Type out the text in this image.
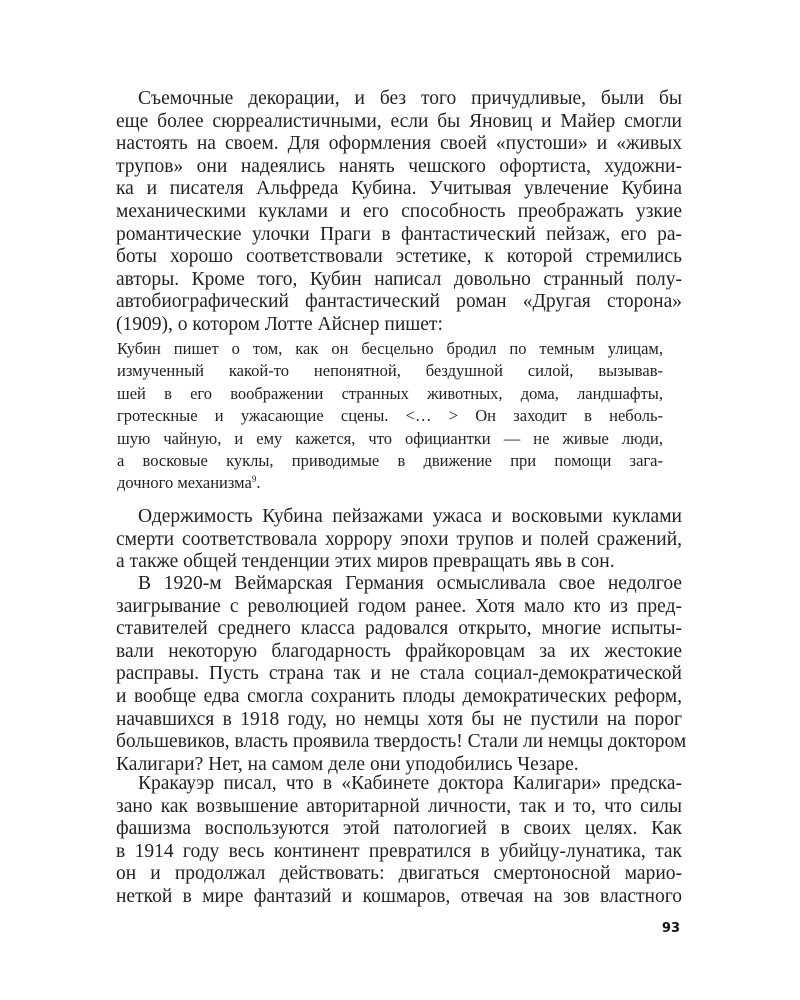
Съемочные декорации, и без того причудливые, были бы
еще более сюрреалистичными, если бы Яновиц и Майер смогли
настоять на своем. Для оформления своей «пустоши» и «живых
трупов» они надеялись нанять чешского офортиста, художни-
ка и писателя Альфреда Кубина. Учитывая увлечение Кубина
механическими куклами и его способность преображать узкие
романтические улочки Праги в фантастический пейзаж, его ра-
боты хорошо соответствовали эстетике, к которой стремились
авторы. Кроме того, Кубин написал довольно странный полу-
автобиографический фантастический роман «Другая сторона»
(1909), о котором Лотте Айснер пишет:
Кубин пишет о том, как он бесцельно бродил по темным улицам,
измученный какой-то непонятной, бездушной силой, вызывав-
шей в его воображении странных животных, дома, ландшафты,
гротескные и ужасающие сцены. <… > Он заходит в неболь-
шую чайную, и ему кажется, что официантки — не живые люди,
а восковые куклы, приводимые в движение при помощи зага-
дочного механизма$^9$.
Одержимость Кубина пейзажами ужаса и восковыми куклами
смерти соответствовала хоррору эпохи трупов и полей сражений,
а также общей тенденции этих миров превращать явь в сон.
В 1920-м Веймарская Германия осмысливала свое недолгое
заигрывание с революцией годом ранее. Хотя мало кто из пред-
ставителей среднего класса радовался открыто, многие испыты-
вали некоторую благодарность фрайкоровцам за их жестокие
расправы. Пусть страна так и не стала социал-демократической
и вообще едва смогла сохранить плоды демократических реформ,
начавшихся в 1918 году, но немцы хотя бы не пустили на порог
большевиков, власть проявила твердость! Стали ли немцы доктором
Калигари? Нет, на самом деле они уподобились Чезаре.
Кракауэр писал, что в «Кабинете доктора Калигари» предска-
зано как возвышение авторитарной личности, так и то, что силы
фашизма воспользуются этой патологией в своих целях. Как
в 1914 году весь континент превратился в убийцу-лунатика, так
он и продолжал действовать: двигаться смертоносной марио-
неткой в мире фантазий и кошмаров, отвечая на зов властного
93
